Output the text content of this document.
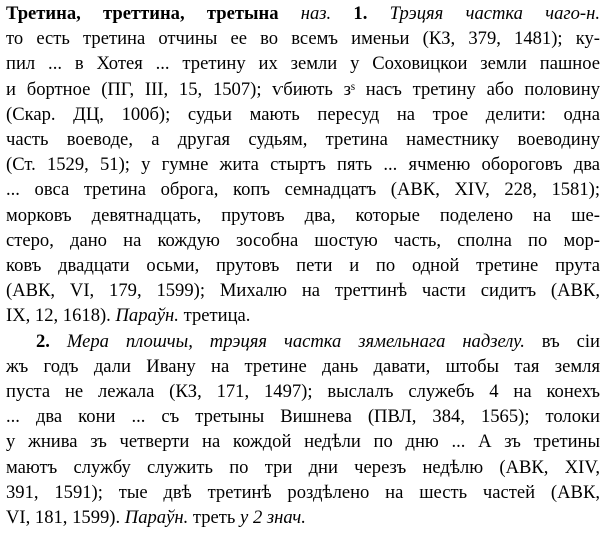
Третина, треттина, третына наз. 1. Трэцяя частка чаго-н.
то есть третина отчины ее во всемъ именьи (КЗ, 379, 1481); ку-
пил ... в Хотея ... третину их земли у Соховицкои земли пашное
и бортное (ПГ, III, 15, 1507); ѵбиють зˢ насъ третину або половину
(Скар. ДЦ, 100б); судьи мають пересуд на трое делити: одна
часть воеводе, а другая судьям, третина наместнику воеводину
(Ст. 1529, 51); у гумне жита стыртъ пять ... ячменю обороговъ два
... овса третина оброга, копъ семнадцатъ (АВК, XIV, 228, 1581);
морковъ девятнадцать, прутовъ два, которые поделено на ше-
стеро, дано на кождую зособна шостую часть, сполна по мор-
ковъ двадцати осьми, прутовъ пети и по одной третине прута
(АВК, VI, 179, 1599); Михалю на треттинѣ части сидитъ (АВК,
IX, 12, 1618). Параўн. третица.
2. Мера плошчы, трэцяя частка зямельнага надзелу. въ сiи
жъ годъ дали Ивану на третине дань давати, штобы тая земля
пуста не лежала (КЗ, 171, 1497); выслалъ служебъ 4 на конехъ
... два кони ... съ третыны Вишнева (ПВЛ, 384, 1565); толоки
у жнива зъ четверти на кождой недѣли по дню ... А зъ третины
маютъ службу служить по три дни черезъ недѣлю (АВК, XIV,
391, 1591); тые двѣ третинѣ роздѣлено на шесть частей (АВК,
VI, 181, 1599). Параўн. треть у 2 знач.
